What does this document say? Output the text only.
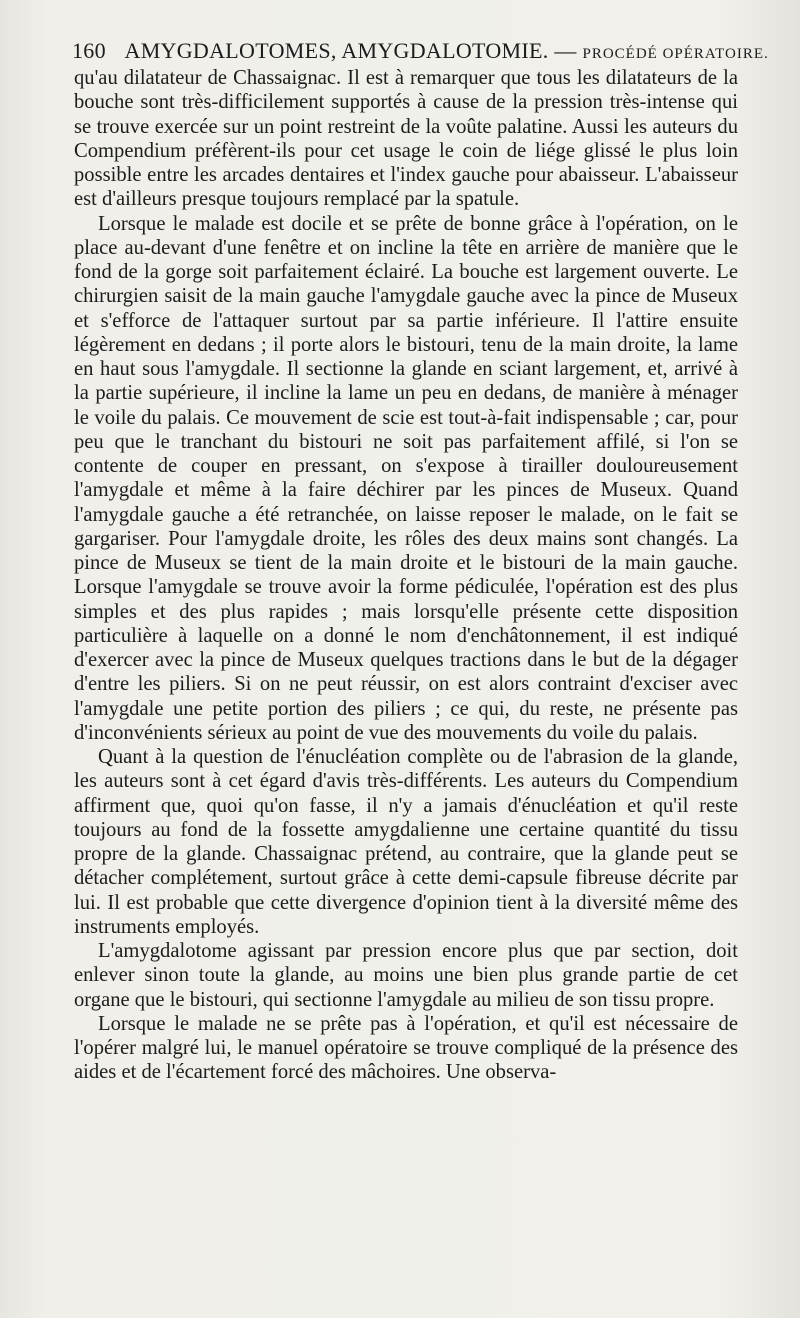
160 AMYGDALOTOMES, AMYGDALOTOMIE. — PROCÉDÉ OPÉRATOIRE.

qu'au dilatateur de Chassaignac. Il est à remarquer que tous les dilatateurs de la bouche sont très-difficilement supportés à cause de la pression très-intense qui se trouve exercée sur un point restreint de la voûte palatine. Aussi les auteurs du Compendium préfèrent-ils pour cet usage le coin de liége glissé le plus loin possible entre les arcades dentaires et l'index gauche pour abaisseur. L'abaisseur est d'ailleurs presque toujours remplacé par la spatule.

Lorsque le malade est docile et se prête de bonne grâce à l'opération, on le place au-devant d'une fenêtre et on incline la tête en arrière de manière que le fond de la gorge soit parfaitement éclairé. La bouche est largement ouverte. Le chirurgien saisit de la main gauche l'amygdale gauche avec la pince de Museux et s'efforce de l'attaquer surtout par sa partie inférieure. Il l'attire ensuite légèrement en dedans ; il porte alors le bistouri, tenu de la main droite, la lame en haut sous l'amygdale. Il sectionne la glande en sciant largement, et, arrivé à la partie supérieure, il incline la lame un peu en dedans, de manière à ménager le voile du palais. Ce mouvement de scie est tout-à-fait indispensable ; car, pour peu que le tranchant du bistouri ne soit pas parfaitement affilé, si l'on se contente de couper en pressant, on s'expose à tirailler douloureusement l'amygdale et même à la faire déchirer par les pinces de Museux. Quand l'amygdale gauche a été retranchée, on laisse reposer le malade, on le fait se gargariser. Pour l'amygdale droite, les rôles des deux mains sont changés. La pince de Museux se tient de la main droite et le bistouri de la main gauche. Lorsque l'amygdale se trouve avoir la forme pédiculée, l'opération est des plus simples et des plus rapides ; mais lorsqu'elle présente cette disposition particulière à laquelle on a donné le nom d'enchâtonnement, il est indiqué d'exercer avec la pince de Museux quelques tractions dans le but de la dégager d'entre les piliers. Si on ne peut réussir, on est alors contraint d'exciser avec l'amygdale une petite portion des piliers ; ce qui, du reste, ne présente pas d'inconvénients sérieux au point de vue des mouvements du voile du palais.

Quant à la question de l'énucléation complète ou de l'abrasion de la glande, les auteurs sont à cet égard d'avis très-différents. Les auteurs du Compendium affirment que, quoi qu'on fasse, il n'y a jamais d'énucléation et qu'il reste toujours au fond de la fossette amygdalienne une certaine quantité du tissu propre de la glande. Chassaignac prétend, au contraire, que la glande peut se détacher complétement, surtout grâce à cette demi-capsule fibreuse décrite par lui. Il est probable que cette divergence d'opinion tient à la diversité même des instruments employés.

L'amygdalotome agissant par pression encore plus que par section, doit enlever sinon toute la glande, au moins une bien plus grande partie de cet organe que le bistouri, qui sectionne l'amygdale au milieu de son tissu propre.

Lorsque le malade ne se prête pas à l'opération, et qu'il est nécessaire de l'opérer malgré lui, le manuel opératoire se trouve compliqué de la présence des aides et de l'écartement forcé des mâchoires. Une observa-
